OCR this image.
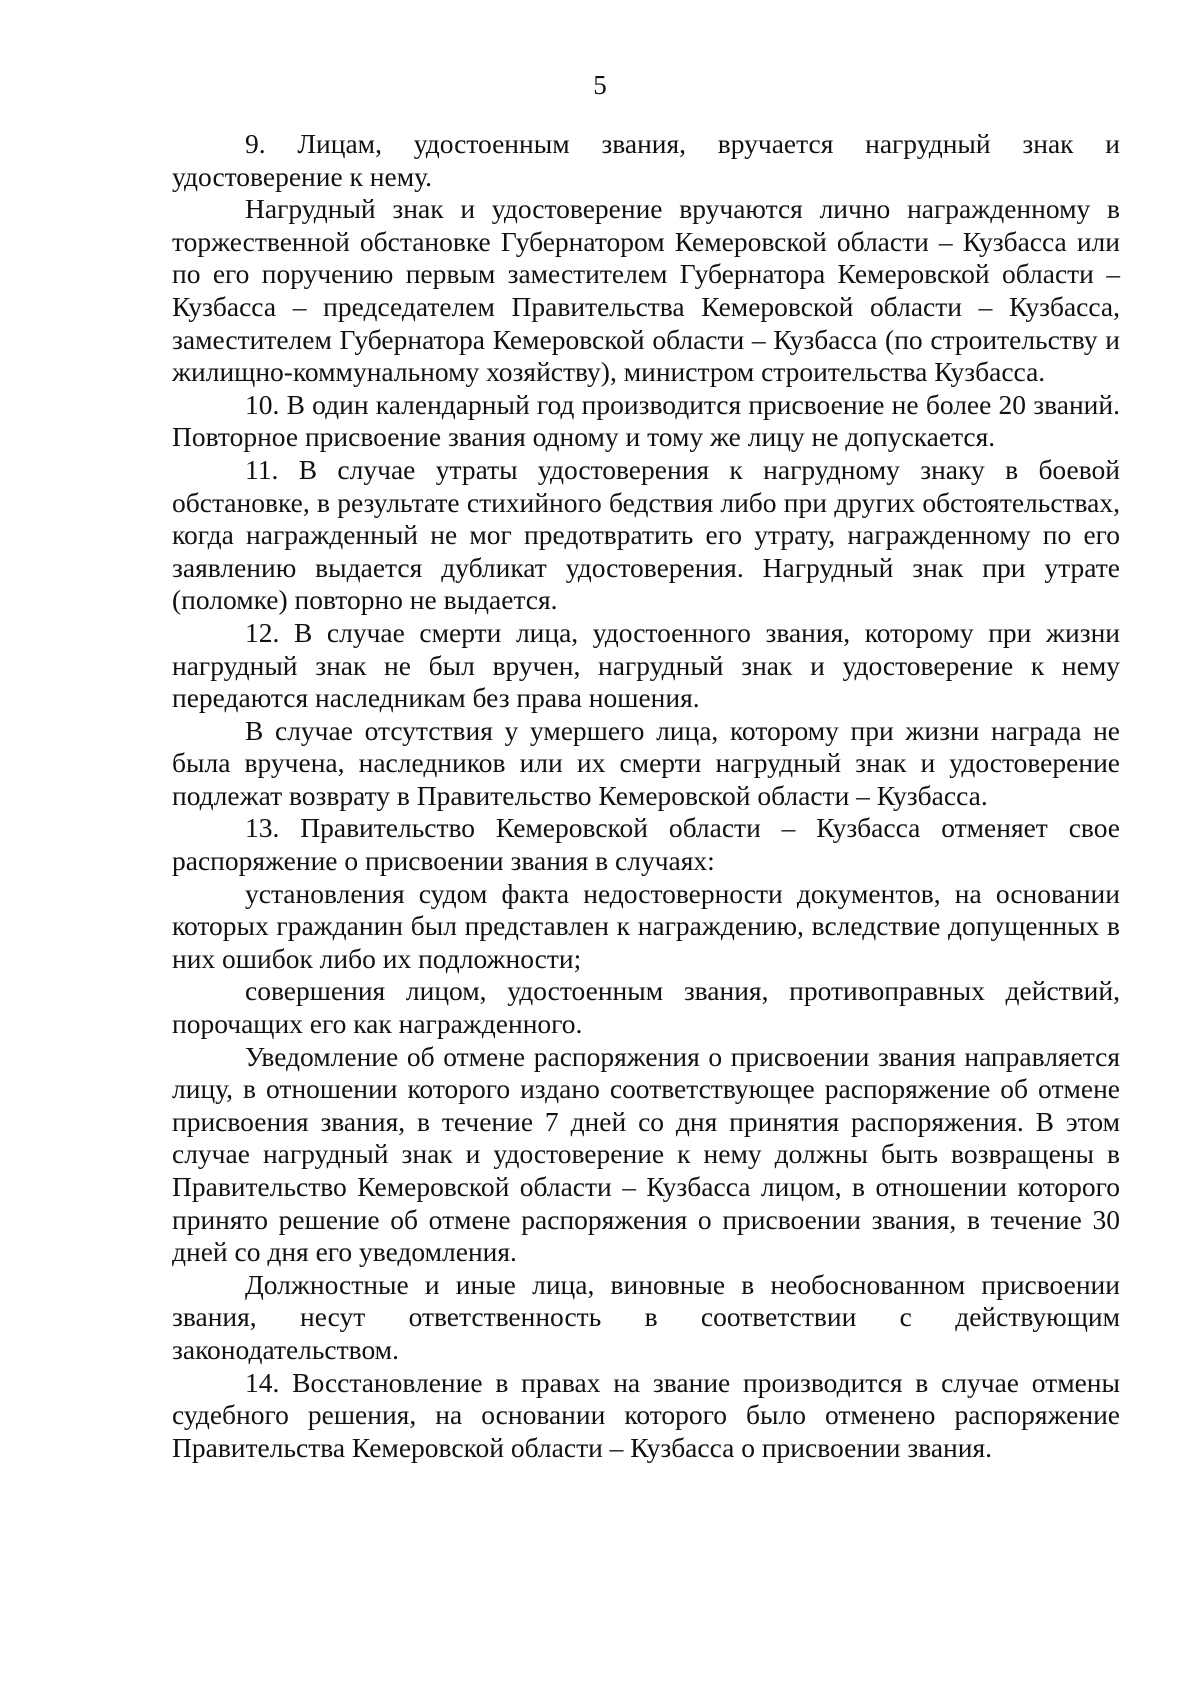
5

9. Лицам, удостоенным звания, вручается нагрудный знак и удостоверение к нему.

Нагрудный знак и удостоверение вручаются лично награжденному в торжественной обстановке Губернатором Кемеровской области – Кузбасса или по его поручению первым заместителем Губернатора Кемеровской области – Кузбасса – председателем Правительства Кемеровской области – Кузбасса, заместителем Губернатора Кемеровской области – Кузбасса (по строительству и жилищно-коммунальному хозяйству), министром строительства Кузбасса.

10. В один календарный год производится присвоение не более 20 званий. Повторное присвоение звания одному и тому же лицу не допускается.

11. В случае утраты удостоверения к нагрудному знаку в боевой обстановке, в результате стихийного бедствия либо при других обстоятельствах, когда награжденный не мог предотвратить его утрату, награжденному по его заявлению выдается дубликат удостоверения. Нагрудный знак при утрате (поломке) повторно не выдается.

12. В случае смерти лица, удостоенного звания, которому при жизни нагрудный знак не был вручен, нагрудный знак и удостоверение к нему передаются наследникам без права ношения.

В случае отсутствия у умершего лица, которому при жизни награда не была вручена, наследников или их смерти нагрудный знак и удостоверение подлежат возврату в Правительство Кемеровской области – Кузбасса.

13. Правительство Кемеровской области – Кузбасса отменяет свое распоряжение о присвоении звания в случаях:

установления судом факта недостоверности документов, на основании которых гражданин был представлен к награждению, вследствие допущенных в них ошибок либо их подложности;

совершения лицом, удостоенным звания, противоправных действий, порочащих его как награжденного.

Уведомление об отмене распоряжения о присвоении звания направляется лицу, в отношении которого издано соответствующее распоряжение об отмене присвоения звания, в течение 7 дней со дня принятия распоряжения. В этом случае нагрудный знак и удостоверение к нему должны быть возвращены в Правительство Кемеровской области – Кузбасса лицом, в отношении которого принято решение об отмене распоряжения о присвоении звания, в течение 30 дней со дня его уведомления.

Должностные и иные лица, виновные в необоснованном присвоении звания, несут ответственность в соответствии с действующим законодательством.

14. Восстановление в правах на звание производится в случае отмены судебного решения, на основании которого было отменено распоряжение Правительства Кемеровской области – Кузбасса о присвоении звания.
